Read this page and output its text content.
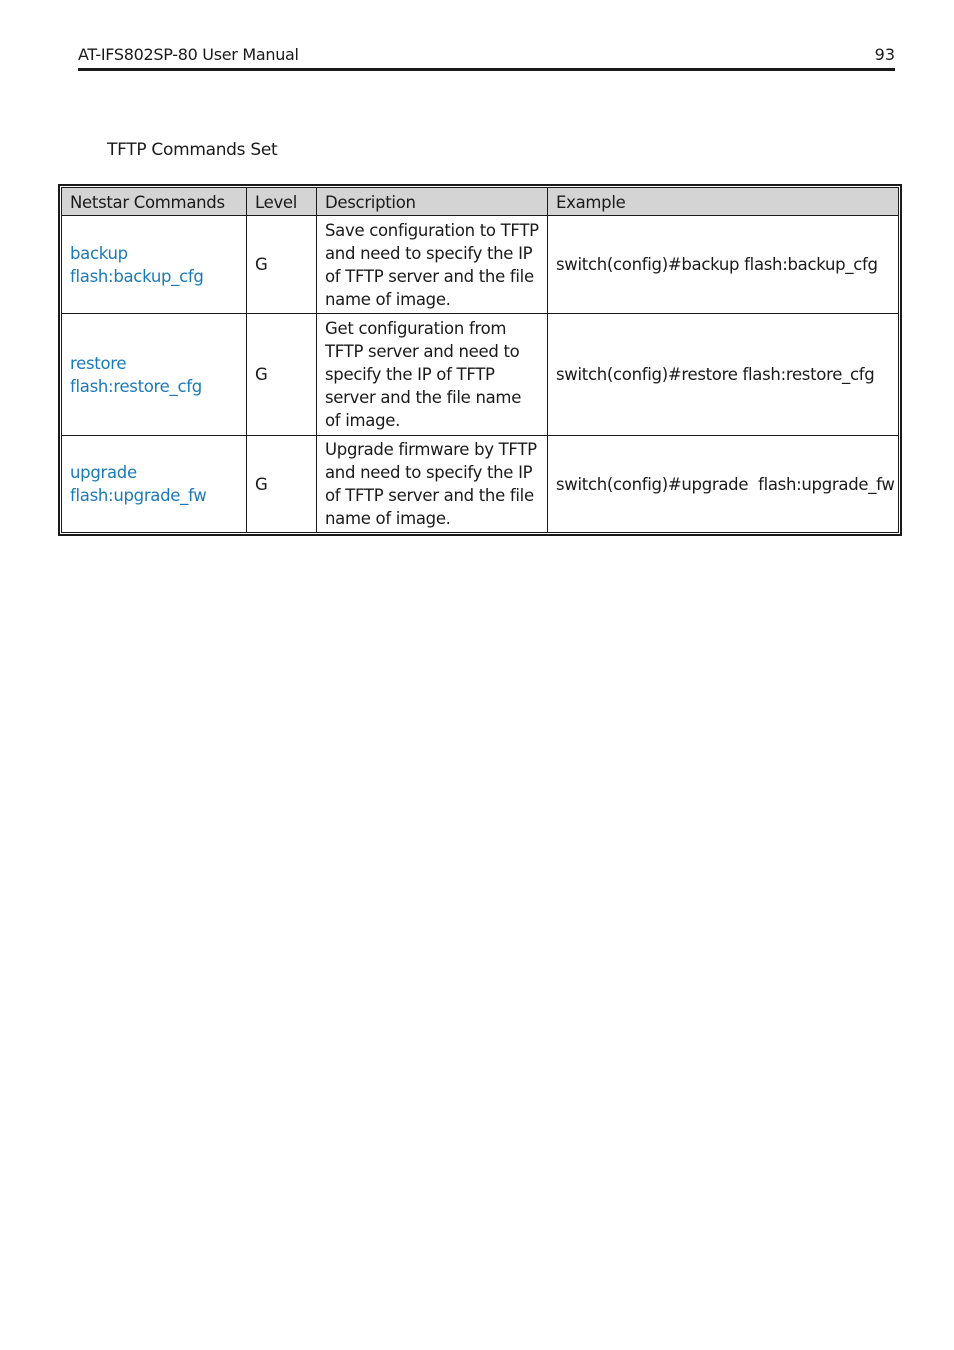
AT-IFS802SP-80 User Manual	93
TFTP Commands Set
Netstar Commands	Level	Description	Example

backup
flash:backup_cfg	G	Save configuration to TFTP and need to specify the IP of TFTP server and the file name of image.	switch(config)#backup flash:backup_cfg

restore
flash:restore_cfg	G	Get configuration from TFTP server and need to specify the IP of TFTP server and the file name of image.	switch(config)#restore flash:restore_cfg

upgrade
flash:upgrade_fw	G	Upgrade firmware by TFTP and need to specify the IP of TFTP server and the file name of image.	switch(config)#upgrade  flash:upgrade_fw
